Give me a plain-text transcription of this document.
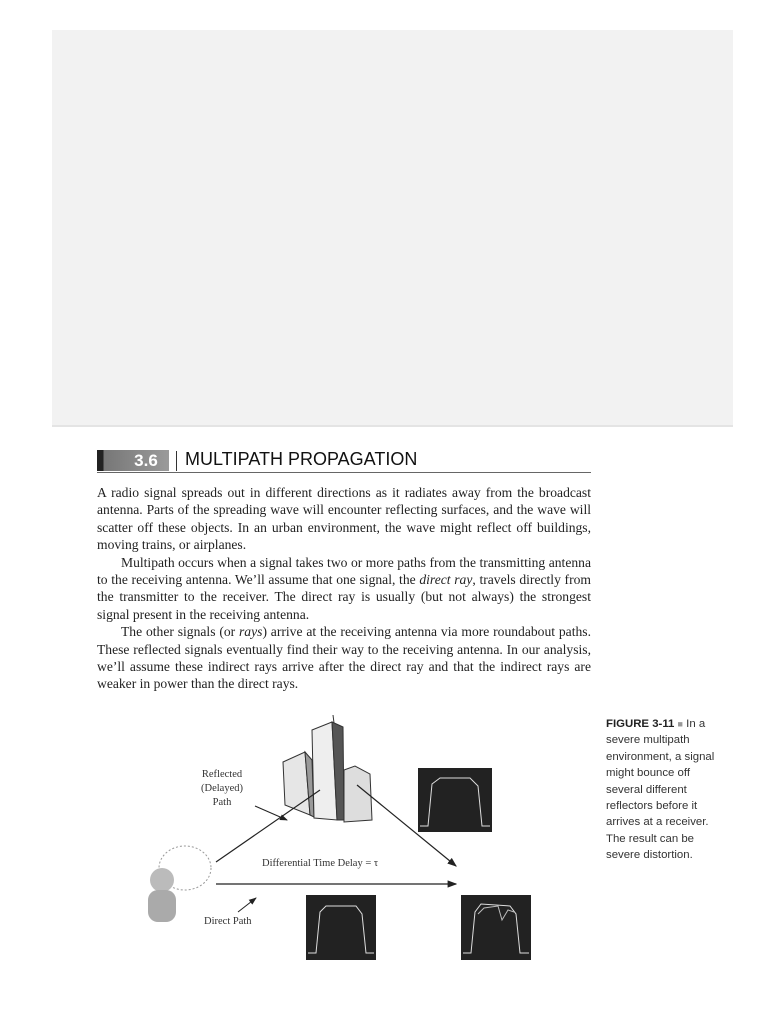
3.6	MULTIPATH PROPAGATION

A radio signal spreads out in different directions as it radiates away from the broadcast antenna. Parts of the spreading wave will encounter reflecting surfaces, and the wave will scatter off these objects. In an urban environment, the wave might reflect off buildings, moving trains, or airplanes.

Multipath occurs when a signal takes two or more paths from the transmitting antenna to the receiving antenna. We’ll assume that one signal, the direct ray, travels directly from the transmitter to the receiver. The direct ray is usually (but not always) the strongest signal present in the receiving antenna.

The other signals (or rays) arrive at the receiving antenna via more roundabout paths. These reflected signals eventually find their way to the receiving antenna. In our analysis, we’ll assume these indirect rays arrive after the direct ray and that the indirect rays are weaker in power than the direct rays.

FIGURE 3-11 ■ In a severe multipath environment, a signal might bounce off several different reflectors before it arrives at a receiver. The result can be severe distortion.
Reflected
(Delayed)
Path
Differential Time Delay = τ
Direct Path
